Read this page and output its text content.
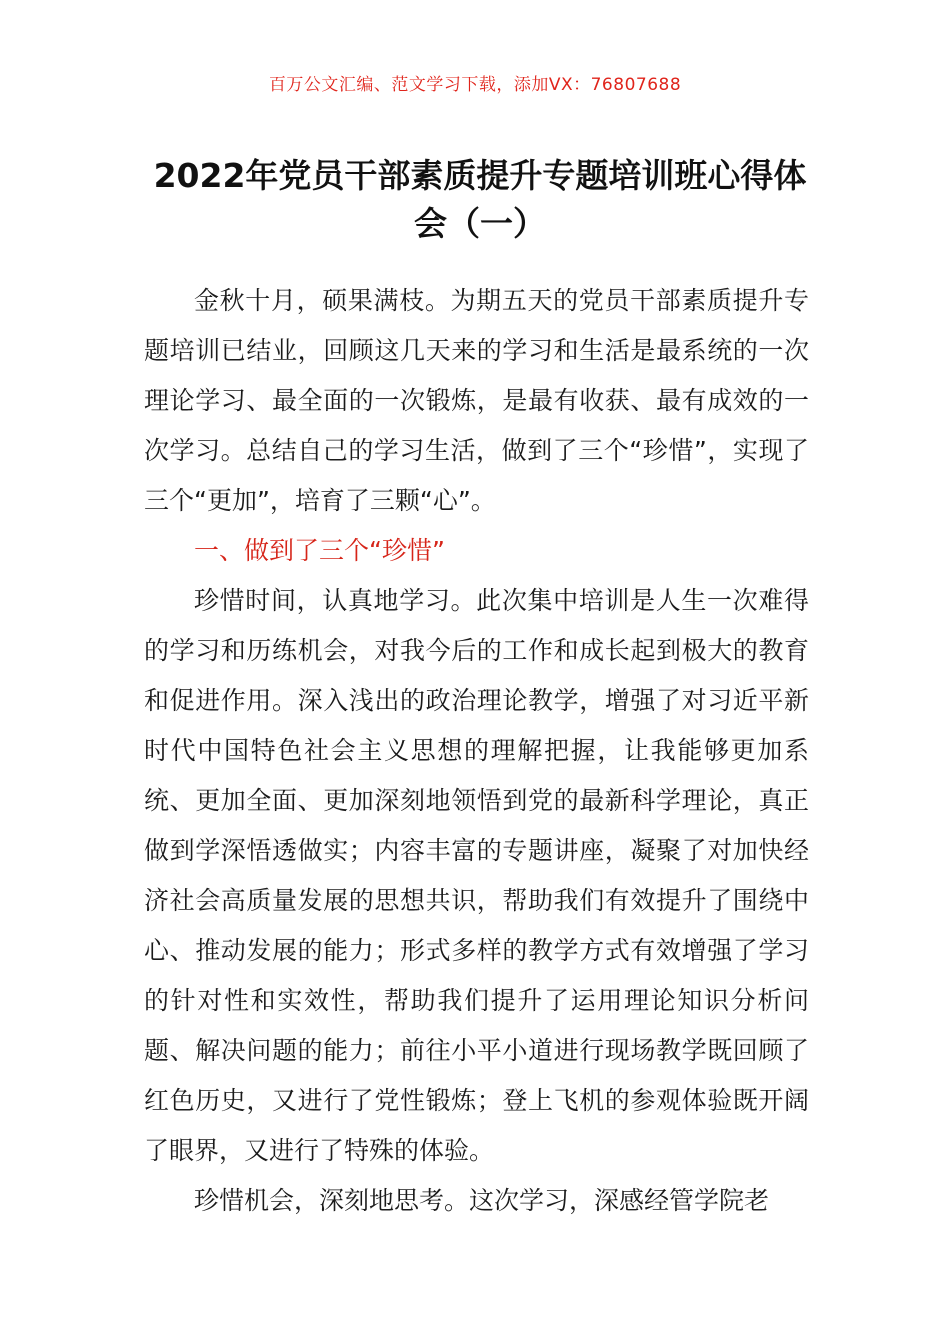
百万公文汇编、范文学习下载，添加VX：76807688
2022年党员干部素质提升专题培训班心得体会（一）

金秋十月，硕果满枝。为期五天的党员干部素质提升专题培训已结业，回顾这几天来的学习和生活是最系统的一次理论学习、最全面的一次锻炼，是最有收获、最有成效的一次学习。总结自己的学习生活，做到了三个“珍惜”，实现了三个“更加”，培育了三颗“心”。

一、做到了三个“珍惜”

珍惜时间，认真地学习。此次集中培训是人生一次难得的学习和历练机会，对我今后的工作和成长起到极大的教育和促进作用。深入浅出的政治理论教学，增强了对习近平新时代中国特色社会主义思想的理解把握，让我能够更加系统、更加全面、更加深刻地领悟到党的最新科学理论，真正做到学深悟透做实；内容丰富的专题讲座，凝聚了对加快经济社会高质量发展的思想共识，帮助我们有效提升了围绕中心、推动发展的能力；形式多样的教学方式有效增强了学习的针对性和实效性，帮助我们提升了运用理论知识分析问题、解决问题的能力；前往小平小道进行现场教学既回顾了红色历史，又进行了党性锻炼；登上飞机的参观体验既开阔了眼界，又进行了特殊的体验。

珍惜机会，深刻地思考。这次学习，深感经管学院老
